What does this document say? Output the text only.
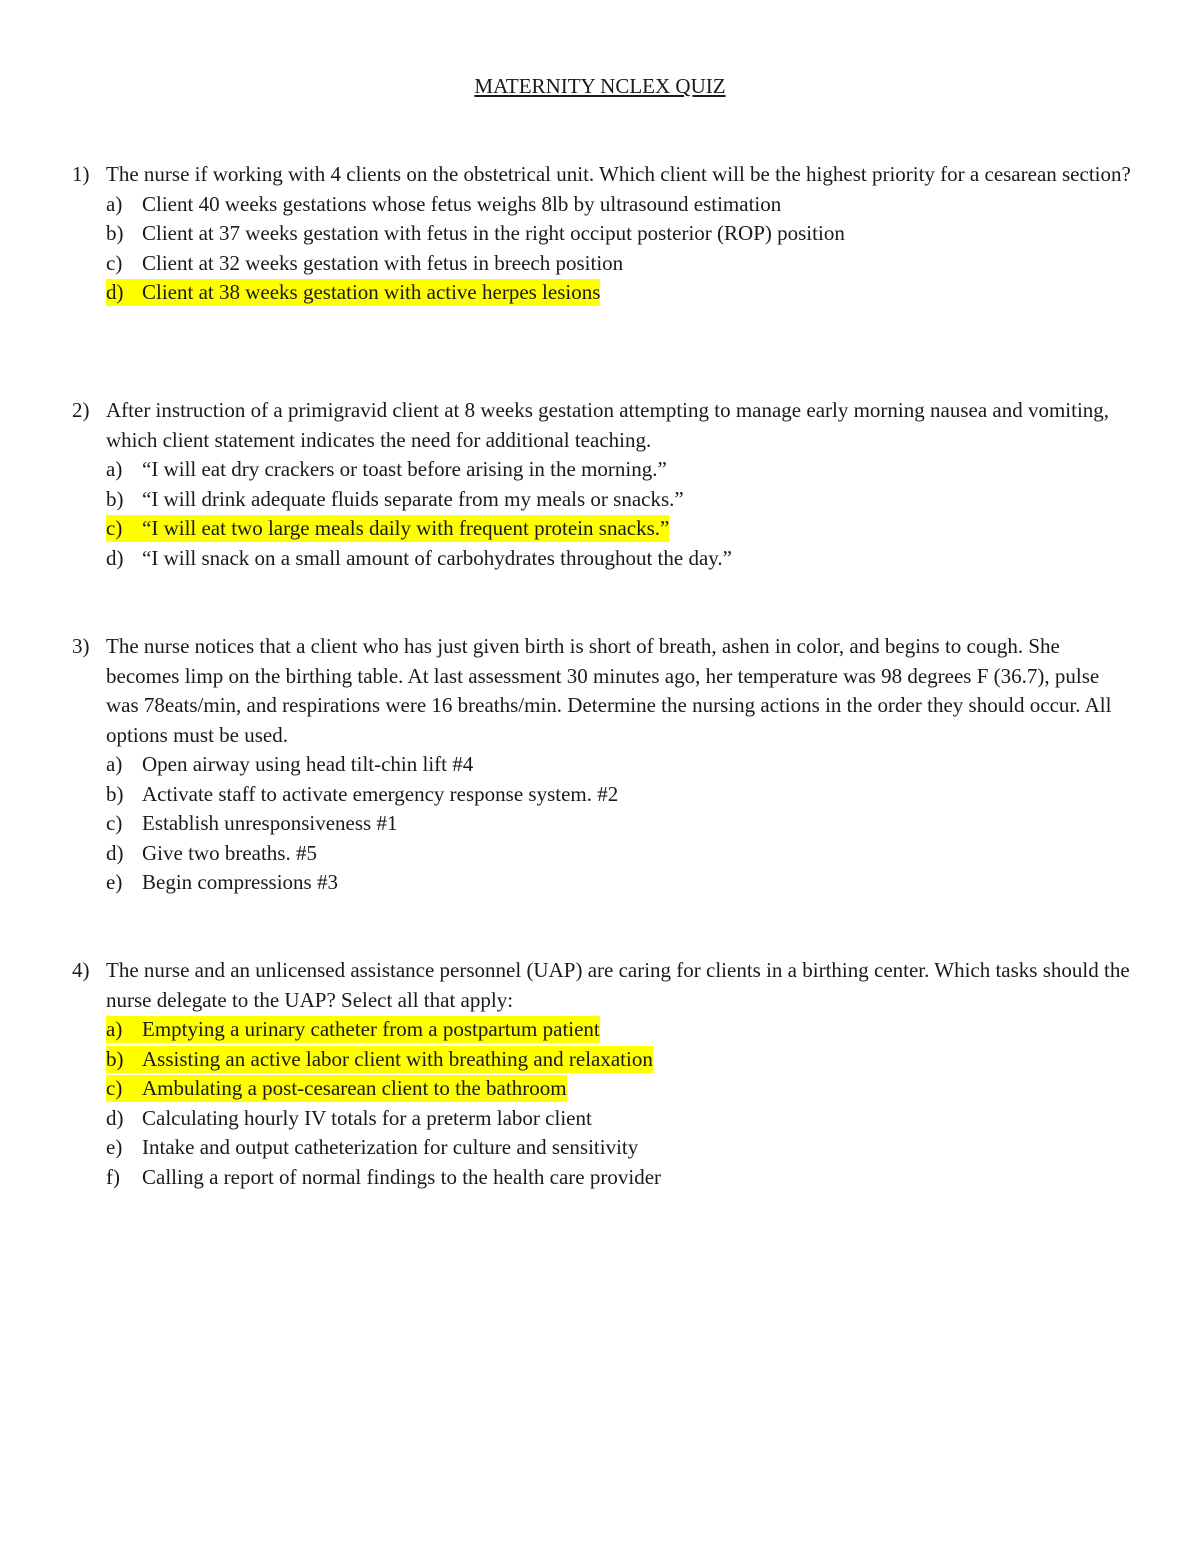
MATERNITY NCLEX QUIZ
1) The nurse if working with 4 clients on the obstetrical unit. Which client will be the highest priority for a cesarean section?
a) Client 40 weeks gestations whose fetus weighs 8lb by ultrasound estimation
b) Client at 37 weeks gestation with fetus in the right occiput posterior (ROP) position
c) Client at 32 weeks gestation with fetus in breech position
d) Client at 38 weeks gestation with active herpes lesions
2) After instruction of a primigravid client at 8 weeks gestation attempting to manage early morning nausea and vomiting, which client statement indicates the need for additional teaching.
a) “I will eat dry crackers or toast before arising in the morning.”
b) “I will drink adequate fluids separate from my meals or snacks.”
c) “I will eat two large meals daily with frequent protein snacks.”
d) “I will snack on a small amount of carbohydrates throughout the day.”
3) The nurse notices that a client who has just given birth is short of breath, ashen in color, and begins to cough. She becomes limp on the birthing table. At last assessment 30 minutes ago, her temperature was 98 degrees F (36.7), pulse was 78eats/min, and respirations were 16 breaths/min. Determine the nursing actions in the order they should occur. All options must be used.
a) Open airway using head tilt-chin lift #4
b) Activate staff to activate emergency response system. #2
c) Establish unresponsiveness #1
d) Give two breaths. #5
e) Begin compressions #3
4) The nurse and an unlicensed assistance personnel (UAP) are caring for clients in a birthing center. Which tasks should the nurse delegate to the UAP? Select all that apply:
a) Emptying a urinary catheter from a postpartum patient
b) Assisting an active labor client with breathing and relaxation
c) Ambulating a post-cesarean client to the bathroom
d) Calculating hourly IV totals for a preterm labor client
e) Intake and output catheterization for culture and sensitivity
f) Calling a report of normal findings to the health care provider
